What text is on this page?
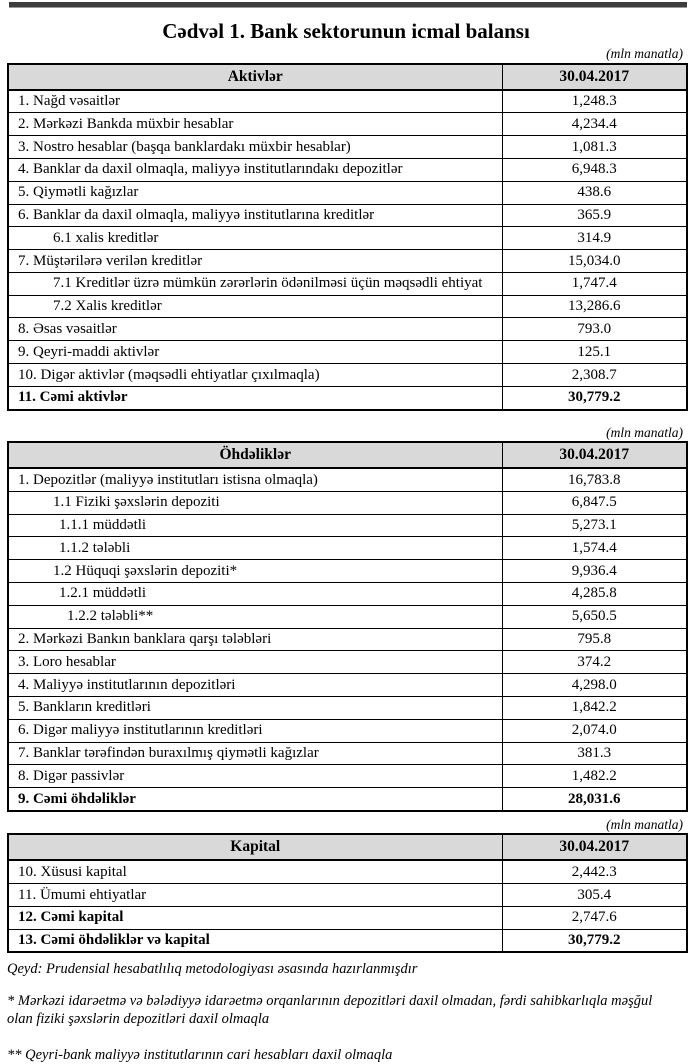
Cədvəl 1. Bank sektorunun icmal balansı
(mln manatla)
Aktivlər	30.04.2017
1. Nağd vəsaitlər	1,248.3
2. Mərkəzi Bankda müxbir hesablar	4,234.4
3. Nostro hesablar (başqa banklardakı müxbir hesablar)	1,081.3
4. Banklar da daxil olmaqla, maliyyə institutlarındakı depozitlər	6,948.3
5. Qiymətli kağızlar	438.6
6. Banklar da daxil olmaqla, maliyyə institutlarına kreditlər	365.9
6.1 xalis kreditlər	314.9
7. Müştərilərə verilən kreditlər	15,034.0
7.1 Kreditlər üzrə mümkün zərərlərin ödənilməsi üçün məqsədli ehtiyat	1,747.4
7.2 Xalis kreditlər	13,286.6
8. Əsas vəsaitlər	793.0
9. Qeyri-maddi aktivlər	125.1
10. Digər aktivlər (məqsədli ehtiyatlar çıxılmaqla)	2,308.7
11. Cəmi aktivlər	30,779.2
(mln manatla)
Öhdəliklər	30.04.2017
1. Depozitlər (maliyyə institutları istisna olmaqla)	16,783.8
1.1 Fiziki şəxslərin depoziti	6,847.5
1.1.1 müddətli	5,273.1
1.1.2 tələbli	1,574.4
1.2 Hüquqi şəxslərin depoziti*	9,936.4
1.2.1 müddətli	4,285.8
1.2.2 tələbli**	5,650.5
2. Mərkəzi Bankın banklara qarşı tələbləri	795.8
3. Loro hesablar	374.2
4. Maliyyə institutlarının depozitləri	4,298.0
5. Bankların kreditləri	1,842.2
6. Digər maliyyə institutlarının kreditləri	2,074.0
7. Banklar tərəfindən buraxılmış qiymətli kağızlar	381.3
8. Digər passivlər	1,482.2
9. Cəmi öhdəliklər	28,031.6
(mln manatla)
Kapital	30.04.2017
10. Xüsusi kapital	2,442.3
11. Ümumi ehtiyatlar	305.4
12. Cəmi kapital	2,747.6
13. Cəmi öhdəliklər və kapital	30,779.2
Qeyd: Prudensial hesabatlılıq metodologiyası əsasında hazırlanmışdır
* Mərkəzi idarəetmə və bələdiyyə idarəetmə orqanlarının depozitləri daxil olmadan, fərdi sahibkarlıqla məşğul olan fiziki şəxslərin depozitləri daxil olmaqla
** Qeyri-bank maliyyə institutlarının cari hesabları daxil olmaqla
